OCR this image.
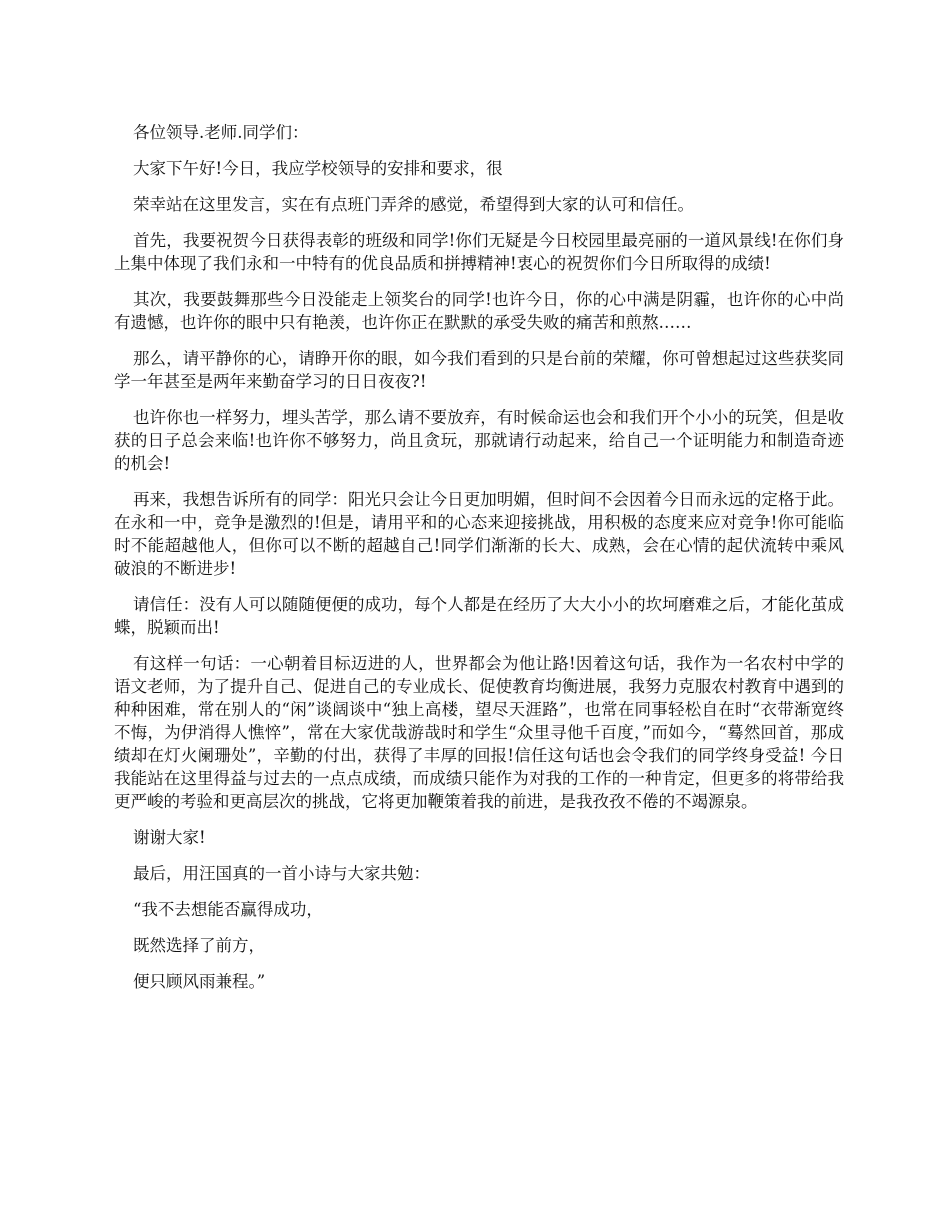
各位领导.老师.同学们：

大家下午好!今日，我应学校领导的安排和要求，很

荣幸站在这里发言，实在有点班门弄斧的感觉，希望得到大家的认可和信任。

首先，我要祝贺今日获得表彰的班级和同学!你们无疑是今日校园里最亮丽的一道风景线!在你们身上集中体现了我们永和一中特有的优良品质和拼搏精神!衷心的祝贺你们今日所取得的成绩!

其次，我要鼓舞那些今日没能走上领奖台的同学!也许今日，你的心中满是阴霾，也许你的心中尚有遗憾，也许你的眼中只有艳羡，也许你正在默默的承受失败的痛苦和煎熬……

那么，请平静你的心，请睁开你的眼，如今我们看到的只是台前的荣耀，你可曾想起过这些获奖同学一年甚至是两年来勤奋学习的日日夜夜?!

也许你也一样努力，埋头苦学，那么请不要放弃，有时候命运也会和我们开个小小的玩笑，但是收获的日子总会来临!也许你不够努力，尚且贪玩，那就请行动起来，给自己一个证明能力和制造奇迹的机会!

再来，我想告诉所有的同学：阳光只会让今日更加明媚，但时间不会因着今日而永远的定格于此。在永和一中，竞争是激烈的!但是，请用平和的心态来迎接挑战，用积极的态度来应对竞争!你可能临时不能超越他人，但你可以不断的超越自己!同学们渐渐的长大、成熟，会在心情的起伏流转中乘风破浪的不断进步!

请信任：没有人可以随随便便的成功，每个人都是在经历了大大小小的坎坷磨难之后，才能化茧成蝶，脱颖而出!

有这样一句话：一心朝着目标迈进的人，世界都会为他让路!因着这句话，我作为一名农村中学的语文老师，为了提升自己、促进自己的专业成长、促使教育均衡进展，我努力克服农村教育中遇到的种种困难，常在别人的“闲”谈阔谈中“独上高楼，望尽天涯路”，也常在同事轻松自在时“衣带渐宽终不悔，为伊消得人憔悴”，常在大家优哉游哉时和学生“众里寻他千百度，”而如今，“蓦然回首，那成绩却在灯火阑珊处”，辛勤的付出，获得了丰厚的回报!信任这句话也会令我们的同学终身受益! 今日我能站在这里得益与过去的一点点成绩，而成绩只能作为对我的工作的一种肯定，但更多的将带给我更严峻的考验和更高层次的挑战，它将更加鞭策着我的前进，是我孜孜不倦的不竭源泉。

谢谢大家!

最后，用汪国真的一首小诗与大家共勉：

“我不去想能否赢得成功，

既然选择了前方，

便只顾风雨兼程。”
